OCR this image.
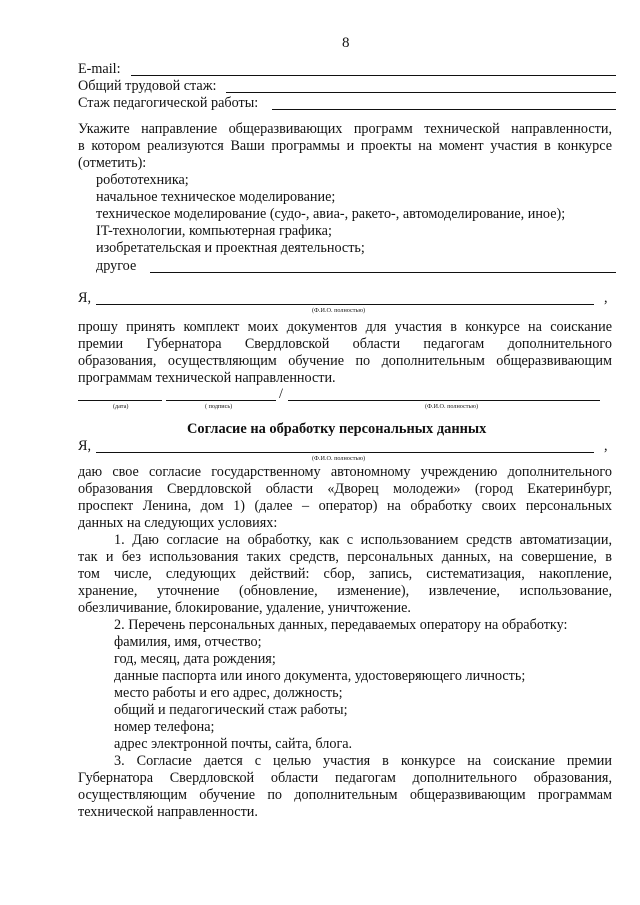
8
E-mail:
Общий трудовой стаж:
Стаж педагогической работы:
Укажите направление общеразвивающих программ технической направленности,
в котором реализуются Ваши программы и проекты на момент участия в конкурсе
(отметить):
робототехника;
начальное техническое моделирование;
техническое моделирование (судо-, авиа-, ракето-, автомоделирование, иное);
IT-технологии, компьютерная графика;
изобретательская и проектная деятельность;
другое
Я,	,
(Ф.И.О. полностью)
прошу принять комплект моих документов для участия в конкурсе на соискание
премии Губернатора Свердловской области педагогам дополнительного
образования, осуществляющим обучение по дополнительным общеразвивающим
программам технической направленности.
/
(дата)	( подпись)	(Ф.И.О. полностью)
Согласие на обработку персональных данных
Я,	,
(Ф.И.О. полностью)
даю свое согласие государственному автономному учреждению дополнительного
образования Свердловской области «Дворец молодежи» (город Екатеринбург,
проспект Ленина, дом 1) (далее – оператор) на обработку своих персональных
данных на следующих условиях:
1. Даю согласие на обработку, как с использованием средств автоматизации,
так и без использования таких средств, персональных данных, на совершение, в
том числе, следующих действий: сбор, запись, систематизация, накопление,
хранение, уточнение (обновление, изменение), извлечение, использование,
обезличивание, блокирование, удаление, уничтожение.
2. Перечень персональных данных, передаваемых оператору на обработку:
фамилия, имя, отчество;
год, месяц, дата рождения;
данные паспорта или иного документа, удостоверяющего личность;
место работы и его адрес, должность;
общий и педагогический стаж работы;
номер телефона;
адрес электронной почты, сайта, блога.
3. Согласие дается с целью участия в конкурсе на соискание премии
Губернатора Свердловской области педагогам дополнительного образования,
осуществляющим обучение по дополнительным общеразвивающим программам
технической направленности.
